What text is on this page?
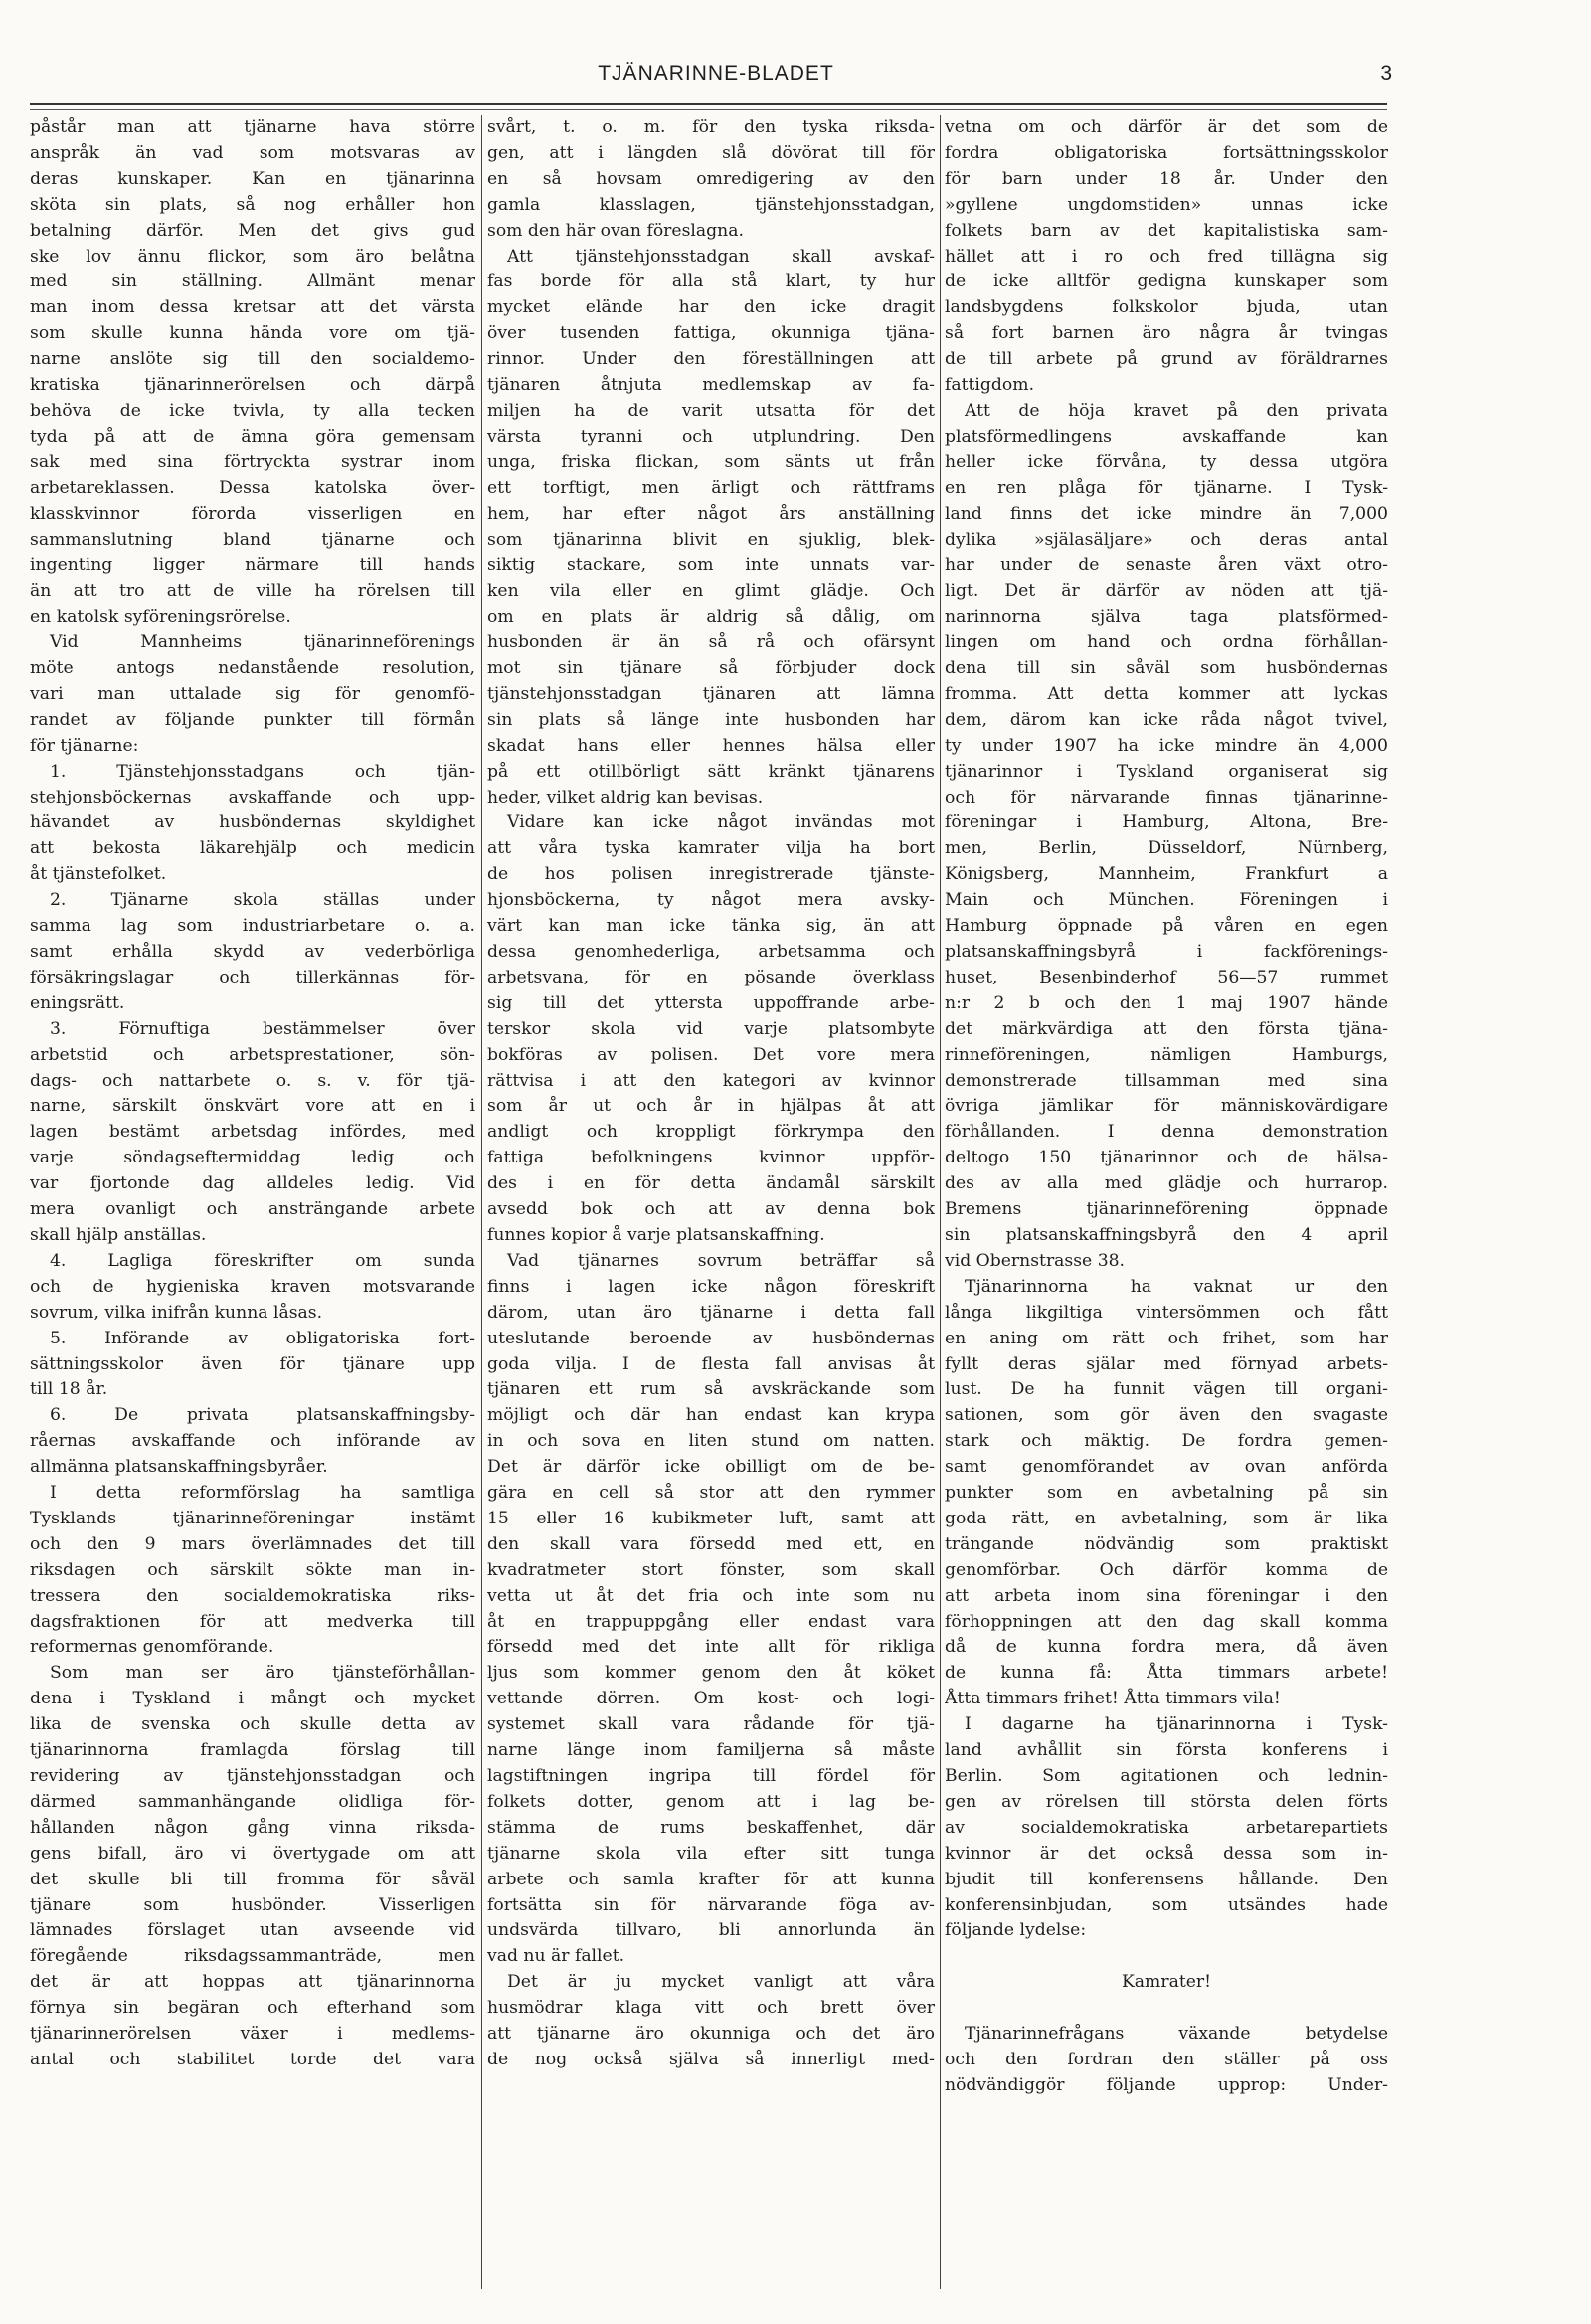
TJÄNARINNE-BLADET	3

påstår man att tjänarne hava större

anspråk än vad som motsvaras av

deras kunskaper. Kan en tjänarinna

sköta sin plats, så nog erhåller hon

betalning därför. Men det givs gud

ske lov ännu flickor, som äro belåtna

med sin ställning. Allmänt menar

man inom dessa kretsar att det värsta

som skulle kunna hända vore om tjä-

narne anslöte sig till den socialdemo-

kratiska tjänarinnerörelsen och därpå

behöva de icke tvivla, ty alla tecken

tyda på att de ämna göra gemensam

sak med sina förtryckta systrar inom

arbetareklassen. Dessa katolska över-

klasskvinnor förorda visserligen en

sammanslutning bland tjänarne och

ingenting ligger närmare till hands

än att tro att de ville ha rörelsen till

en katolsk syföreningsrörelse.

Vid Mannheims tjänarinneförenings

möte antogs nedanstående resolution,

vari man uttalade sig för genomfö-

randet av följande punkter till förmån

för tjänarne:

1. Tjänstehjonsstadgans och tjän-

stehjonsböckernas avskaffande och upp-

hävandet av husböndernas skyldighet

att bekosta läkarehjälp och medicin

åt tjänstefolket.

2. Tjänarne skola ställas under

samma lag som industriarbetare o. a.

samt erhålla skydd av vederbörliga

försäkringslagar och tillerkännas för-

eningsrätt.

3. Förnuftiga bestämmelser över

arbetstid och arbetsprestationer, sön-

dags- och nattarbete o. s. v. för tjä-

narne, särskilt önskvärt vore att en i

lagen bestämt arbetsdag infördes, med

varje söndagseftermiddag ledig och

var fjortonde dag alldeles ledig. Vid

mera ovanligt och ansträngande arbete

skall hjälp anställas.

4. Lagliga föreskrifter om sunda

och de hygieniska kraven motsvarande

sovrum, vilka inifrån kunna låsas.

5. Införande av obligatoriska fort-

sättningsskolor även för tjänare upp

till 18 år.

6. De privata platsanskaffningsby-

råernas avskaffande och införande av

allmänna platsanskaffningsbyråer.

I detta reformförslag ha samtliga

Tysklands tjänarinneföreningar instämt

och den 9 mars överlämnades det till

riksdagen och särskilt sökte man in-

tressera den socialdemokratiska riks-

dagsfraktionen för att medverka till

reformernas genomförande.

Som man ser äro tjänsteförhållan-

dena i Tyskland i mångt och mycket

lika de svenska och skulle detta av

tjänarinnorna framlagda förslag till

revidering av tjänstehjonsstadgan och

därmed sammanhängande olidliga för-

hållanden någon gång vinna riksda-

gens bifall, äro vi övertygade om att

det skulle bli till fromma för såväl

tjänare som husbönder. Visserligen

lämnades förslaget utan avseende vid

föregående riksdagssammanträde, men

det är att hoppas att tjänarinnorna

förnya sin begäran och efterhand som

tjänarinnerörelsen växer i medlems-

antal och stabilitet torde det vara

svårt, t. o. m. för den tyska riksda-

gen, att i längden slå dövörat till för

en så hovsam omredigering av den

gamla klasslagen, tjänstehjonsstadgan,

som den här ovan föreslagna.

Att tjänstehjonsstadgan skall avskaf-

fas borde för alla stå klart, ty hur

mycket elände har den icke dragit

över tusenden fattiga, okunniga tjäna-

rinnor. Under den föreställningen att

tjänaren åtnjuta medlemskap av fa-

miljen ha de varit utsatta för det

värsta tyranni och utplundring. Den

unga, friska flickan, som sänts ut från

ett torftigt, men ärligt och rättframs

hem, har efter något års anställning

som tjänarinna blivit en sjuklig, blek-

siktig stackare, som inte unnats var-

ken vila eller en glimt glädje. Och

om en plats är aldrig så dålig, om

husbonden är än så rå och ofärsynt

mot sin tjänare så förbjuder dock

tjänstehjonsstadgan tjänaren att lämna

sin plats så länge inte husbonden har

skadat hans eller hennes hälsa eller

på ett otillbörligt sätt kränkt tjänarens

heder, vilket aldrig kan bevisas.

Vidare kan icke något invändas mot

att våra tyska kamrater vilja ha bort

de hos polisen inregistrerade tjänste-

hjonsböckerna, ty något mera avsky-

värt kan man icke tänka sig, än att

dessa genomhederliga, arbetsamma och

arbetsvana, för en pösande överklass

sig till det yttersta uppoffrande arbe-

terskor skola vid varje platsombyte

bokföras av polisen. Det vore mera

rättvisa i att den kategori av kvinnor

som år ut och år in hjälpas åt att

andligt och kroppligt förkrympa den

fattiga befolkningens kvinnor uppför-

des i en för detta ändamål särskilt

avsedd bok och att av denna bok

funnes kopior å varje platsanskaffning.

Vad tjänarnes sovrum beträffar så

finns i lagen icke någon föreskrift

därom, utan äro tjänarne i detta fall

uteslutande beroende av husböndernas

goda vilja. I de flesta fall anvisas åt

tjänaren ett rum så avskräckande som

möjligt och där han endast kan krypa

in och sova en liten stund om natten.

Det är därför icke obilligt om de be-

gära en cell så stor att den rymmer

15 eller 16 kubikmeter luft, samt att

den skall vara försedd med ett, en

kvadratmeter stort fönster, som skall

vetta ut åt det fria och inte som nu

åt en trappuppgång eller endast vara

försedd med det inte allt för rikliga

ljus som kommer genom den åt köket

vettande dörren. Om kost- och logi-

systemet skall vara rådande för tjä-

narne länge inom familjerna så måste

lagstiftningen ingripa till fördel för

folkets dotter, genom att i lag be-

stämma de rums beskaffenhet, där

tjänarne skola vila efter sitt tunga

arbete och samla krafter för att kunna

fortsätta sin för närvarande föga av-

undsvärda tillvaro, bli annorlunda än

vad nu är fallet.

Det är ju mycket vanligt att våra

husmödrar klaga vitt och brett över

att tjänarne äro okunniga och det äro

de nog också själva så innerligt med-

vetna om och därför är det som de

fordra obligatoriska fortsättningsskolor

för barn under 18 år. Under den

»gyllene ungdomstiden» unnas icke

folkets barn av det kapitalistiska sam-

hället att i ro och fred tillägna sig

de icke alltför gedigna kunskaper som

landsbygdens folkskolor bjuda, utan

så fort barnen äro några år tvingas

de till arbete på grund av föräldrarnes

fattigdom.

Att de höja kravet på den privata

platsförmedlingens avskaffande kan

heller icke förvåna, ty dessa utgöra

en ren plåga för tjänarne. I Tysk-

land finns det icke mindre än 7,000

dylika »själasäljare» och deras antal

har under de senaste åren växt otro-

ligt. Det är därför av nöden att tjä-

narinnorna själva taga platsförmed-

lingen om hand och ordna förhållan-

dena till sin såväl som husböndernas

fromma. Att detta kommer att lyckas

dem, därom kan icke råda något tvivel,

ty under 1907 ha icke mindre än 4,000

tjänarinnor i Tyskland organiserat sig

och för närvarande finnas tjänarinne-

föreningar i Hamburg, Altona, Bre-

men, Berlin, Düsseldorf, Nürnberg,

Königsberg, Mannheim, Frankfurt a

Main och München. Föreningen i

Hamburg öppnade på våren en egen

platsanskaffningsbyrå i fackförenings-

huset, Besenbinderhof 56—57 rummet

n:r 2 b och den 1 maj 1907 hände

det märkvärdiga att den första tjäna-

rinneföreningen, nämligen Hamburgs,

demonstrerade tillsamman med sina

övriga jämlikar för människovärdigare

förhållanden. I denna demonstration

deltogo 150 tjänarinnor och de hälsa-

des av alla med glädje och hurrarop.

Bremens tjänarinneförening öppnade

sin platsanskaffningsbyrå den 4 april

vid Obernstrasse 38.

Tjänarinnorna ha vaknat ur den

långa likgiltiga vintersömmen och fått

en aning om rätt och frihet, som har

fyllt deras själar med förnyad arbets-

lust. De ha funnit vägen till organi-

sationen, som gör även den svagaste

stark och mäktig. De fordra gemen-

samt genomförandet av ovan anförda

punkter som en avbetalning på sin

goda rätt, en avbetalning, som är lika

trängande nödvändig som praktiskt

genomförbar. Och därför komma de

att arbeta inom sina föreningar i den

förhoppningen att den dag skall komma

då de kunna fordra mera, då även

de kunna få: Åtta timmars arbete!

Åtta timmars frihet! Åtta timmars vila!

I dagarne ha tjänarinnorna i Tysk-

land avhållit sin första konferens i

Berlin. Som agitationen och lednin-

gen av rörelsen till största delen förts

av socialdemokratiska arbetarepartiets

kvinnor är det också dessa som in-

bjudit till konferensens hållande. Den

konferensinbjudan, som utsändes hade

följande lydelse:

Kamrater!

Tjänarinnefrågans växande betydelse

och den fordran den ställer på oss

nödvändiggör följande upprop: Under-
